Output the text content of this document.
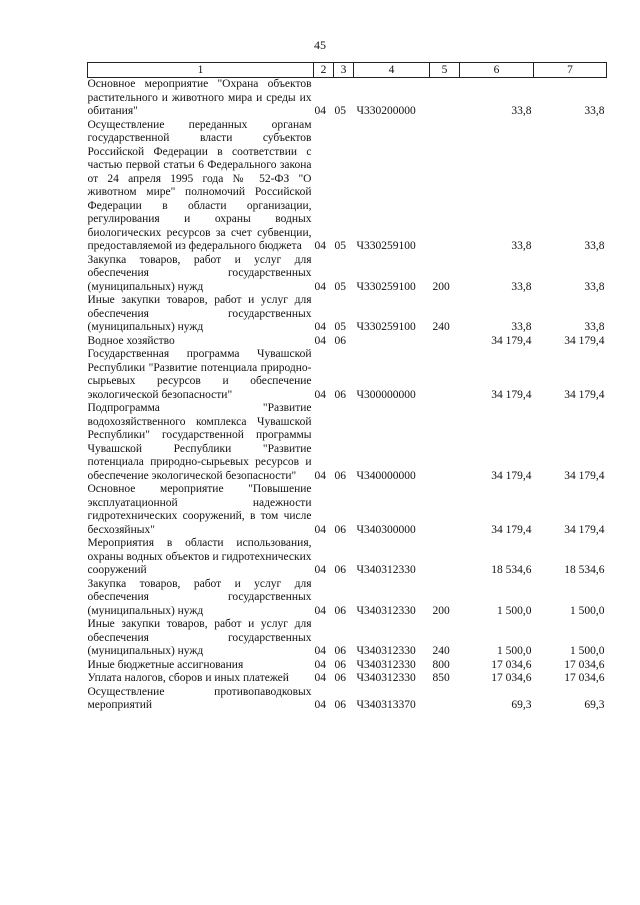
45
1	2	3	4	5	6	7
Основное мероприятие "Охрана объектов растительного и животного мира и среды их обитания"	04	05	Ч330200000		33,8	33,8
Осуществление переданных органам государственной власти субъектов Российской Федерации в соответствии с частью первой статьи 6 Федерального закона от 24 апреля 1995 года № 52-ФЗ "О животном мире" полномочий Российской Федерации в области организации, регулирования и охраны водных биологических ресурсов за счет субвенции, предоставляемой из федерального бюджета	04	05	Ч330259100		33,8	33,8
Закупка товаров, работ и услуг для обеспечения государственных (муниципальных) нужд	04	05	Ч330259100	200	33,8	33,8
Иные закупки товаров, работ и услуг для обеспечения государственных (муниципальных) нужд	04	05	Ч330259100	240	33,8	33,8
Водное хозяйство	04	06			34 179,4	34 179,4
Государственная программа Чувашской Республики "Развитие потенциала природно-сырьевых ресурсов и обеспечение экологической безопасности"	04	06	Ч300000000		34 179,4	34 179,4
Подпрограмма "Развитие водохозяйственного комплекса Чувашской Республики" государственной программы Чувашской Республики "Развитие потенциала природно-сырьевых ресурсов и обеспечение экологической безопасности"	04	06	Ч340000000		34 179,4	34 179,4
Основное мероприятие "Повышение эксплуатационной надежности гидротехнических сооружений, в том числе бесхозяйных"	04	06	Ч340300000		34 179,4	34 179,4
Мероприятия в области использования, охраны водных объектов и гидротехнических сооружений	04	06	Ч340312330		18 534,6	18 534,6
Закупка товаров, работ и услуг для обеспечения государственных (муниципальных) нужд	04	06	Ч340312330	200	1 500,0	1 500,0
Иные закупки товаров, работ и услуг для обеспечения государственных (муниципальных) нужд	04	06	Ч340312330	240	1 500,0	1 500,0
Иные бюджетные ассигнования	04	06	Ч340312330	800	17 034,6	17 034,6
Уплата налогов, сборов и иных платежей	04	06	Ч340312330	850	17 034,6	17 034,6
Осуществление противопаводковых мероприятий	04	06	Ч340313370		69,3	69,3
